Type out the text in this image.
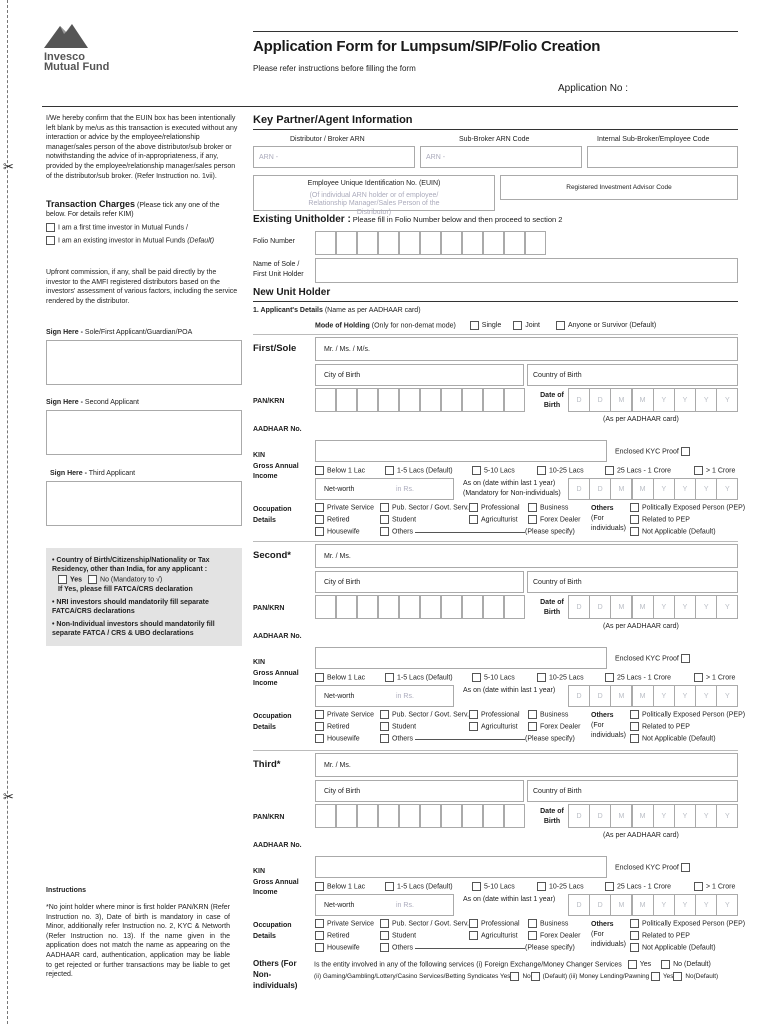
✂
✂
Invesco
Mutual Fund
Application Form for Lumpsum/SIP/Folio Creation
Please refer instructions before filling the form
Application No :
I/We hereby confirm that the EUIN box has been intentionally left blank by me/us as this transaction is executed without any interaction or advice by the employee/relationship manager/sales person of the above distributor/sub broker or notwithstanding the advice of in-appropriateness, if any, provided by the employee/relationship manager/sales person of the distributor/sub broker. (Refer Instruction no. 1vii).
Transaction Charges (Please tick any one of the below. For details refer KIM)
I am a first time investor in Mutual Funds /
I am an existing investor in Mutual Funds (Default)
Upfront commission, if any, shall be paid directly by the investor to the AMFI registered distributors based on the investors' assessment of various factors, including the service rendered by the distributor.
Sign Here - Sole/First Applicant/Guardian/POA
Sign Here - Second Applicant
Sign Here - Third Applicant
• Country of Birth/Citizenship/Nationality or Tax Residency, other than India, for any applicant :
Yes	No (Mandatory to √)
If Yes, please fill FATCA/CRS declaration
• NRI investors should mandatorily fill separate FATCA/CRS declarations
• Non-Individual investors should mandatorily fill separate FATCA / CRS & UBO declarations
Instructions
*No joint holder where minor is first holder PAN/KRN (Refer Instruction no. 3), Date of birth is mandatory in case of Minor, additionally refer Instruction no. 2, KYC & Networth (Refer Instruction no. 13). If the name given in the application does not match the name as appearing on the AADHAAR card, authentication, application may be liable to get rejected or further transactions may be liable to get rejected.
Key Partner/Agent Information
Distributor / Broker ARN	Sub-Broker ARN Code	Internal Sub-Broker/Employee Code
ARN -	ARN -
Employee Unique Identification No. (EUIN)
(Of individual ARN holder or of employee/ Relationship Manager/Sales Person of the Distributor)
Registered Investment Advisor Code
Existing Unitholder : Please fill in Folio Number below and then proceed to section 2
Folio Number
Name of Sole / First Unit Holder
New Unit Holder
1. Applicant's Details (Name as per AADHAAR card)
Mode of Holding (Only for non-demat mode)	Single	Joint	Anyone or Survivor (Default)
First/Sole	Mr. / Ms. / M/s.
City of Birth	Country of Birth
PAN/KRN
Date of Birth
D	D	M	M	Y	Y	Y	Y
(As per AADHAAR card)
AADHAAR No.
KIN
Enclosed KYC Proof
Gross Annual Income
Below 1 Lac	1-5 Lacs (Default)	5-10 Lacs	10-25 Lacs	25 Lacs - 1 Crore	> 1 Crore
Net-worth	in Rs.
As on (date within last 1 year)
(Mandatory for Non-individuals)
D	D	M	M	Y	Y	Y	Y
Occupation Details
Private Service	Pub. Sector / Govt. Serv.	Professional	Business
Retired	Student	Agriculturist	Forex Dealer
Housewife	Others	(Please specify)
Others
(For individuals)
Politically Exposed Person (PEP)
Related to PEP
Not Applicable (Default)
Second*	Mr. / Ms.
City of Birth	Country of Birth
PAN/KRN
Date of Birth
D	D	M	M	Y	Y	Y	Y
(As per AADHAAR card)
AADHAAR No.
KIN
Enclosed KYC Proof
Gross Annual Income
Below 1 Lac	1-5 Lacs (Default)	5-10 Lacs	10-25 Lacs	25 Lacs - 1 Crore	> 1 Crore
Net-worth	in Rs.
As on (date within last 1 year)
D	D	M	M	Y	Y	Y	Y
Occupation Details
Private Service	Pub. Sector / Govt. Serv.	Professional	Business
Retired	Student	Agriculturist	Forex Dealer
Housewife	Others	(Please specify)
Others
(For individuals)
Politically Exposed Person (PEP)
Related to PEP
Not Applicable (Default)
Third*	Mr. / Ms.
City of Birth	Country of Birth
PAN/KRN
Date of Birth
D	D	M	M	Y	Y	Y	Y
(As per AADHAAR card)
AADHAAR No.
KIN
Enclosed KYC Proof
Gross Annual Income
Below 1 Lac	1-5 Lacs (Default)	5-10 Lacs	10-25 Lacs	25 Lacs - 1 Crore	> 1 Crore
Net-worth	in Rs.
As on (date within last 1 year)
D	D	M	M	Y	Y	Y	Y
Occupation Details
Private Service	Pub. Sector / Govt. Serv.	Professional	Business
Retired	Student	Agriculturist	Forex Dealer
Housewife	Others	(Please specify)
Others
(For individuals)
Politically Exposed Person (PEP)
Related to PEP
Not Applicable (Default)
Others (For Non-individuals)
Is the entity involved in any of the following services (i) Foreign Exchange/Money Changer Services	Yes	No (Default)
(ii) Gaming/Gambling/Lottery/Casino Services/Betting Syndicates Yes No (Default) (iii) Money Lending/Pawning Yes No(Default)
